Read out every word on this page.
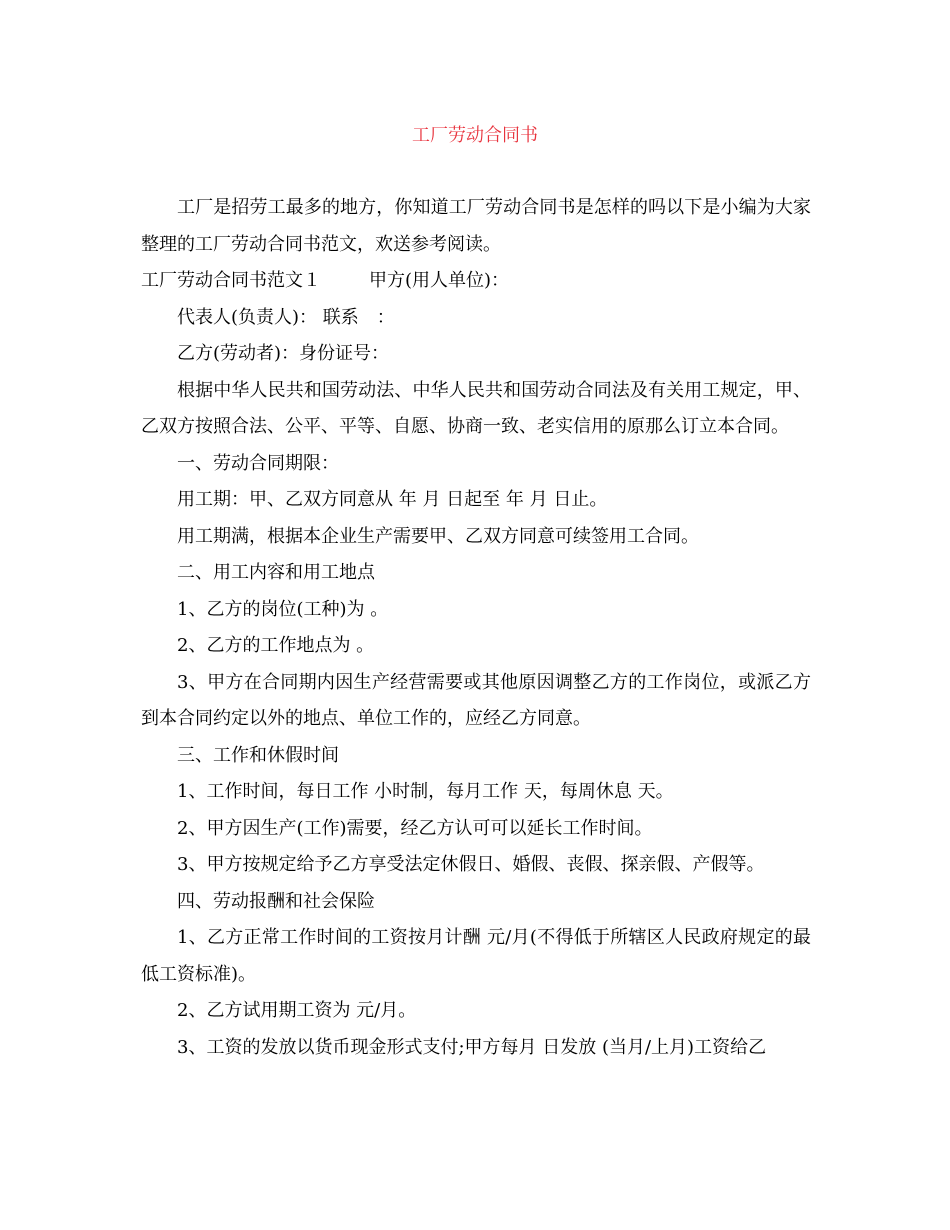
工厂劳动合同书

工厂是招劳工最多的地方，你知道工厂劳动合同书是怎样的吗以下是小编为大家整理的工厂劳动合同书范文，欢送参考阅读。

工厂劳动合同书范文１	甲方(用人单位)：

代表人(负责人)： 联系　：

乙方(劳动者)：身份证号：

根据中华人民共和国劳动法、中华人民共和国劳动合同法及有关用工规定，甲、乙双方按照合法、公平、平等、自愿、协商一致、老实信用的原那么订立本合同。

一、劳动合同期限：

用工期：甲、乙双方同意从 年 月 日起至 年 月 日止。

用工期满，根据本企业生产需要甲、乙双方同意可续签用工合同。

二、用工内容和用工地点

1、乙方的岗位(工种)为 。

2、乙方的工作地点为 。

3、甲方在合同期内因生产经营需要或其他原因调整乙方的工作岗位，或派乙方到本合同约定以外的地点、单位工作的，应经乙方同意。

三、工作和休假时间

1、工作时间，每日工作 小时制，每月工作 天，每周休息 天。

2、甲方因生产(工作)需要，经乙方认可可以延长工作时间。

3、甲方按规定给予乙方享受法定休假日、婚假、丧假、探亲假、产假等。

四、劳动报酬和社会保险

1、乙方正常工作时间的工资按月计酬 元/月(不得低于所辖区人民政府规定的最低工资标准)。

2、乙方试用期工资为 元/月。

3、工资的发放以货币现金形式支付;甲方每月 日发放 (当月/上月)工资给乙
